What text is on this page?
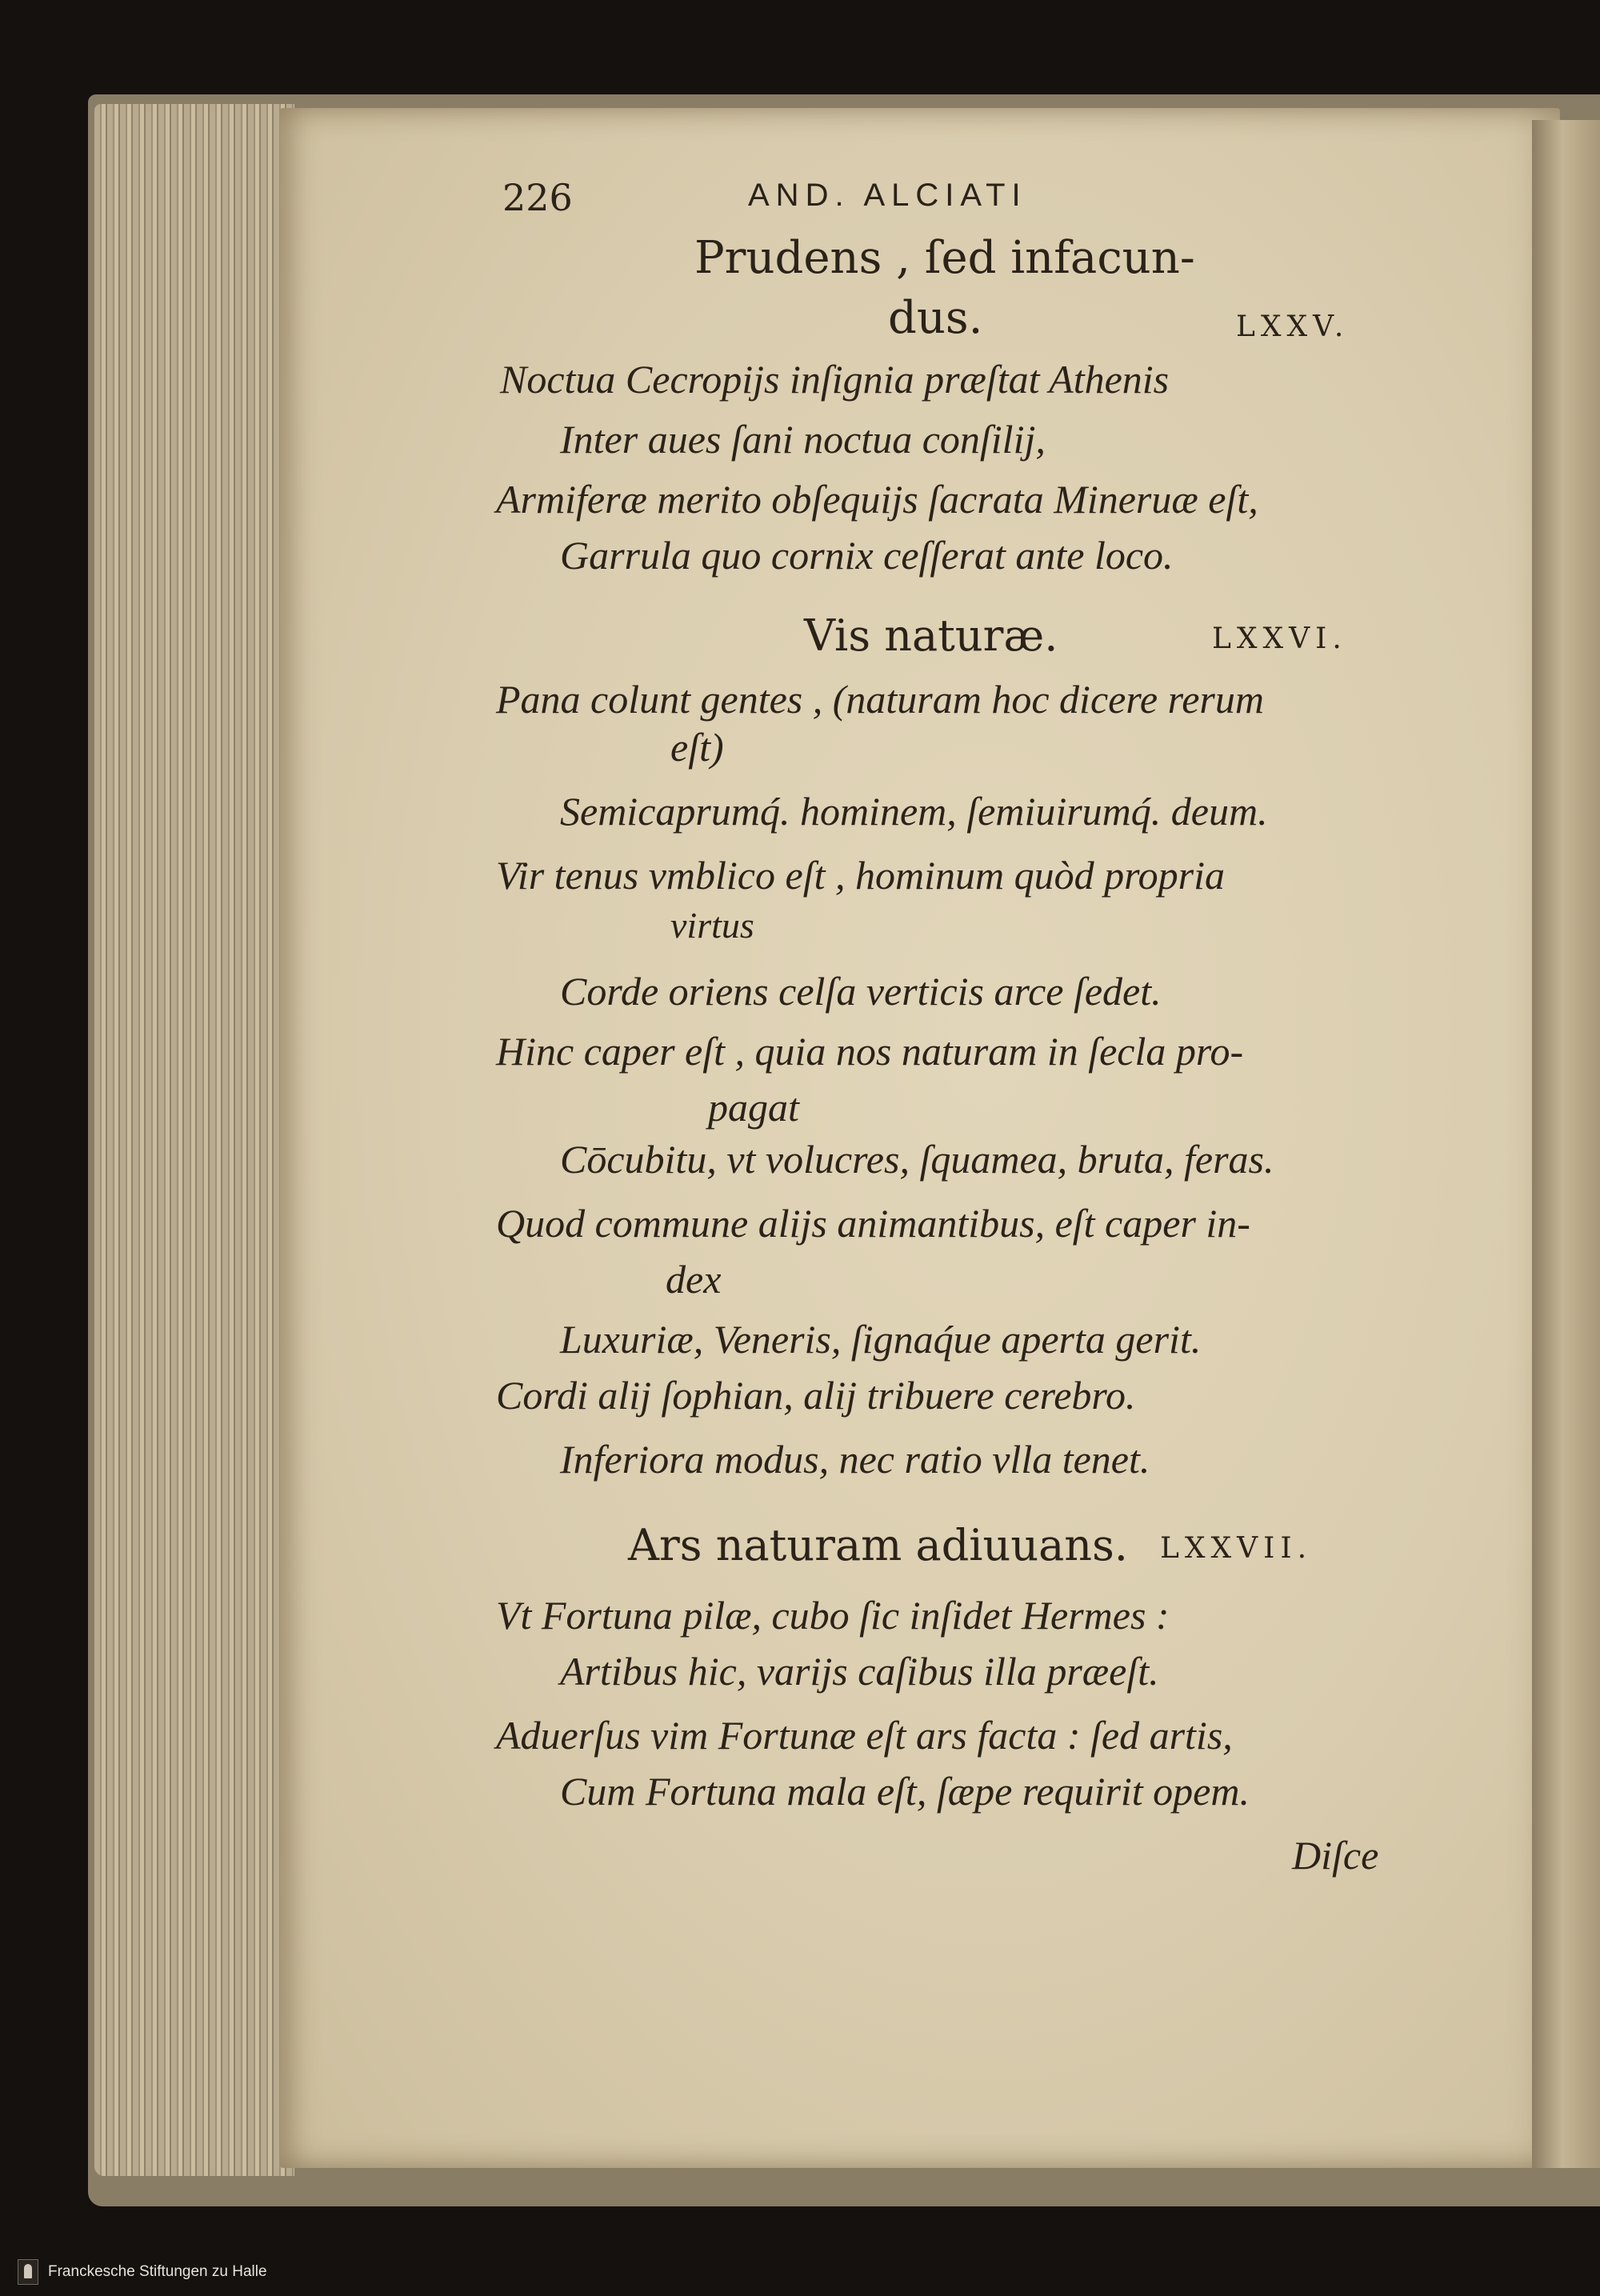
226	AND. ALCIATI
Prudens , ſed infacun-
dus.	LXXV.
Noctua Cecropijs inſignia præſtat Athenis
Inter aues ſani noctua conſilij,
Armiferæ merito obſequijs ſacrata Mineruæ eſt,
Garrula quo cornix ceſſerat ante loco.
Vis naturæ.	LXXVI.
Pana colunt gentes , (naturam hoc dicere rerum
eſt)
Semicaprumq́. hominem, ſemiuirumq́. deum.
Vir tenus vmblico eſt , hominum quòd propria
virtus
Corde oriens celſa verticis arce ſedet.
Hinc caper eſt , quia nos naturam in ſecla pro-
pagat
Cōcubitu, vt volucres, ſquamea, bruta, feras.
Quod commune alijs animantibus, eſt caper in-
dex
Luxuriæ, Veneris, ſignaq́ue aperta gerit.
Cordi alij ſophian, alij tribuere cerebro.
Inferiora modus, nec ratio vlla tenet.
Ars naturam adiuuans. LXXVII.
Vt Fortuna pilæ, cubo ſic inſidet Hermes :
Artibus hic, varijs caſibus illa præeſt.
Aduerſus vim Fortunæ eſt ars facta : ſed artis,
Cum Fortuna mala eſt, ſæpe requirit opem.
Diſce
Franckesche Stiftungen zu Halle
